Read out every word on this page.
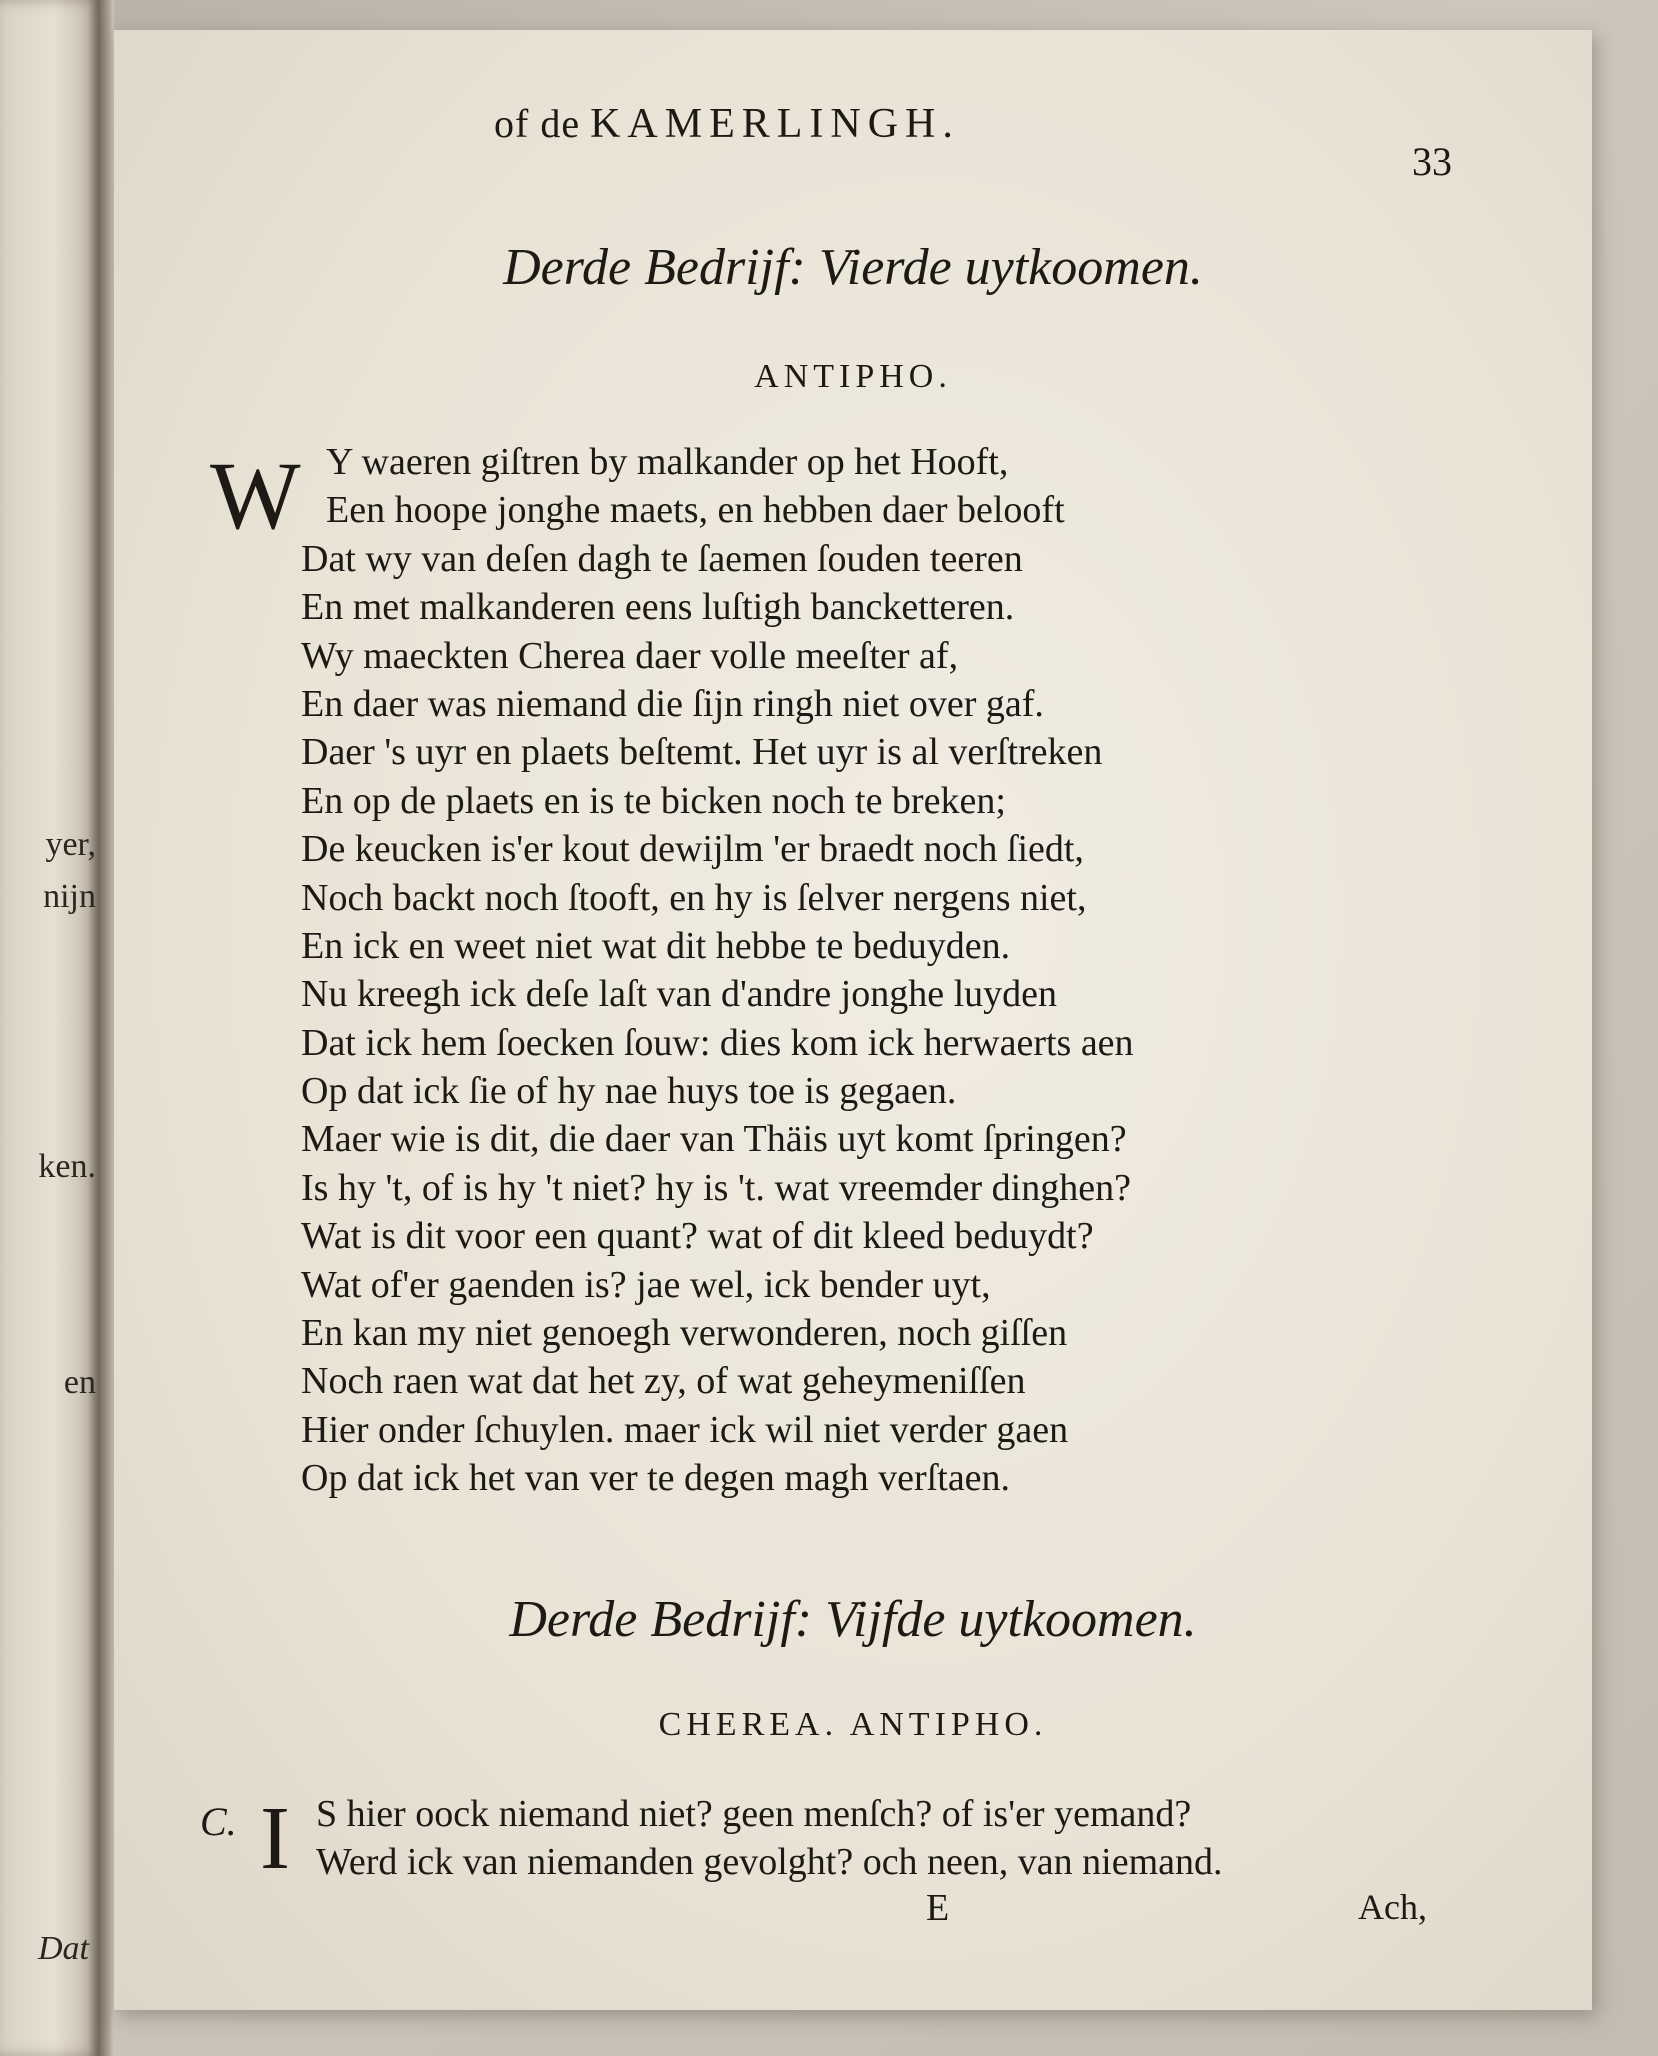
yer,
nijn
ken.
en
Dat
of de KAMERLINGH.
33
Derde Bedrijf: Vierde uytkoomen.
ANTIPHO.
W Y waeren giſtren by malkander op het Hooft,
Een hoope jonghe maets, en hebben daer belooft
Dat wy van deſen dagh te ſaemen ſouden teeren
En met malkanderen eens luſtigh bancketteren.
Wy maeckten Cherea daer volle meeſter af,
En daer was niemand die ſijn ringh niet over gaf.
Daer 's uyr en plaets beſtemt. Het uyr is al verſtreken
En op de plaets en is te bicken noch te breken;
De keucken is'er kout dewijlm 'er braedt noch ſiedt,
Noch backt noch ſtooft, en hy is ſelver nergens niet,
En ick en weet niet wat dit hebbe te beduyden.
Nu kreegh ick deſe laſt van d'andre jonghe luyden
Dat ick hem ſoecken ſouw: dies kom ick herwaerts aen
Op dat ick ſie of hy nae huys toe is gegaen.
Maer wie is dit, die daer van Thäis uyt komt ſpringen?
Is hy 't, of is hy 't niet? hy is 't. wat vreemder dinghen?
Wat is dit voor een quant? wat of dit kleed beduydt?
Wat of'er gaenden is? jae wel, ick bender uyt,
En kan my niet genoegh verwonderen, noch giſſen
Noch raen wat dat het zy, of wat geheymeniſſen
Hier onder ſchuylen. maer ick wil niet verder gaen
Op dat ick het van ver te degen magh verſtaen.
Derde Bedrijf: Vijfde uytkoomen.
CHEREA. ANTIPHO.
C. I S hier oock niemand niet? geen menſch? of is'er yemand?
Werd ick van niemanden gevolght? och neen, van niemand.
E	Ach,
